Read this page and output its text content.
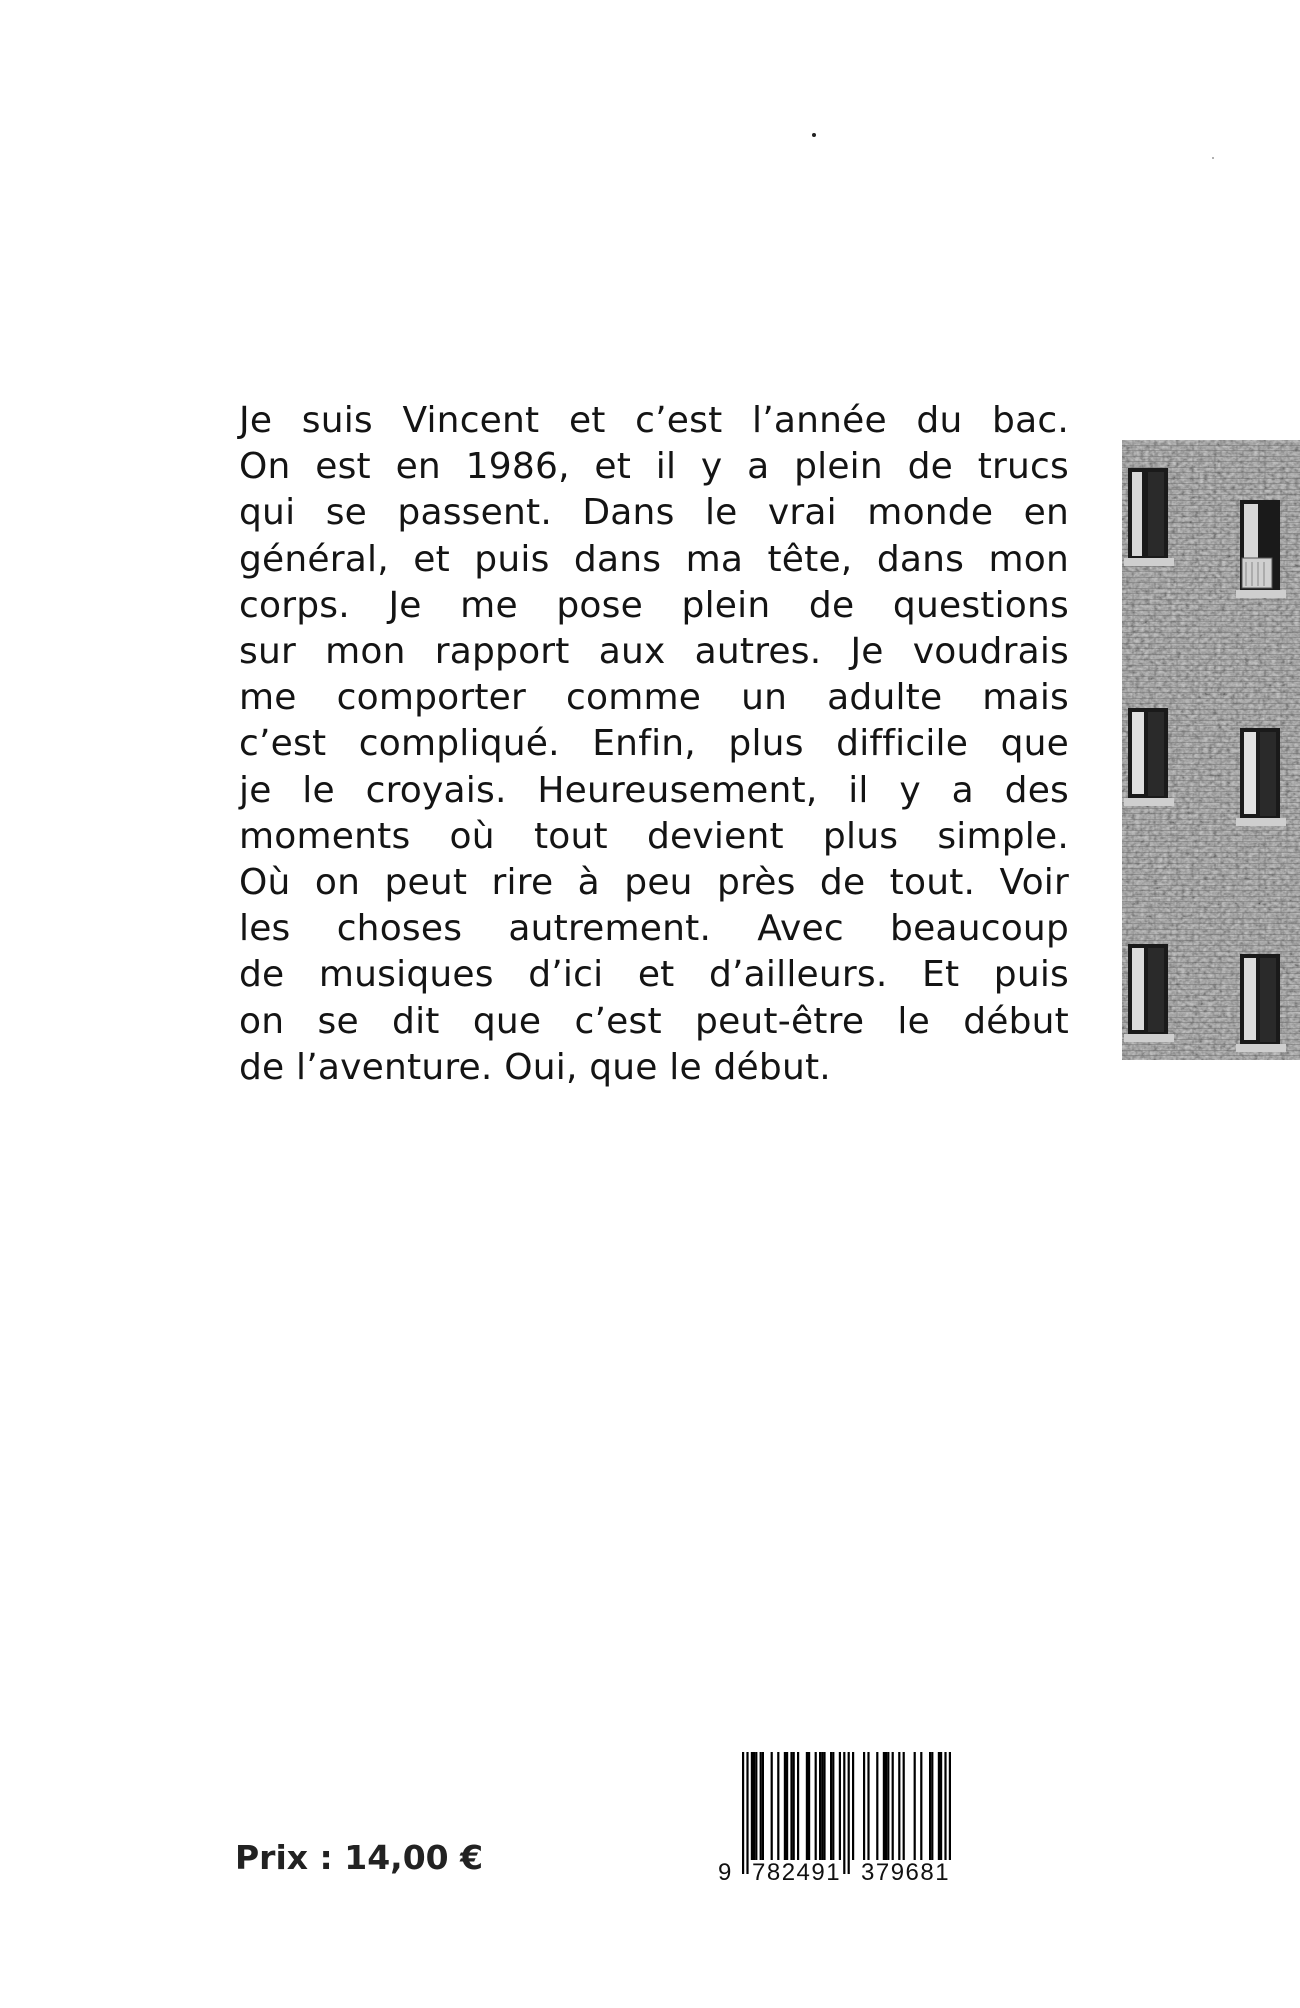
Je suis Vincent et c’est l’année du bac.
On est en 1986, et il y a plein de trucs
qui se passent. Dans le vrai monde en
général, et puis dans ma tête, dans mon
corps. Je me pose plein de questions
sur mon rapport aux autres. Je voudrais
me comporter comme un adulte mais
c’est compliqué. Enfin, plus difficile que
je le croyais. Heureusement, il y a des
moments où tout devient plus simple.
Où on peut rire à peu près de tout. Voir
les choses autrement. Avec beaucoup
de musiques d’ici et d’ailleurs. Et puis
on se dit que c’est peut-être le début
de l’aventure. Oui, que le début.
Prix : 14,00 €	9 782491 379681
